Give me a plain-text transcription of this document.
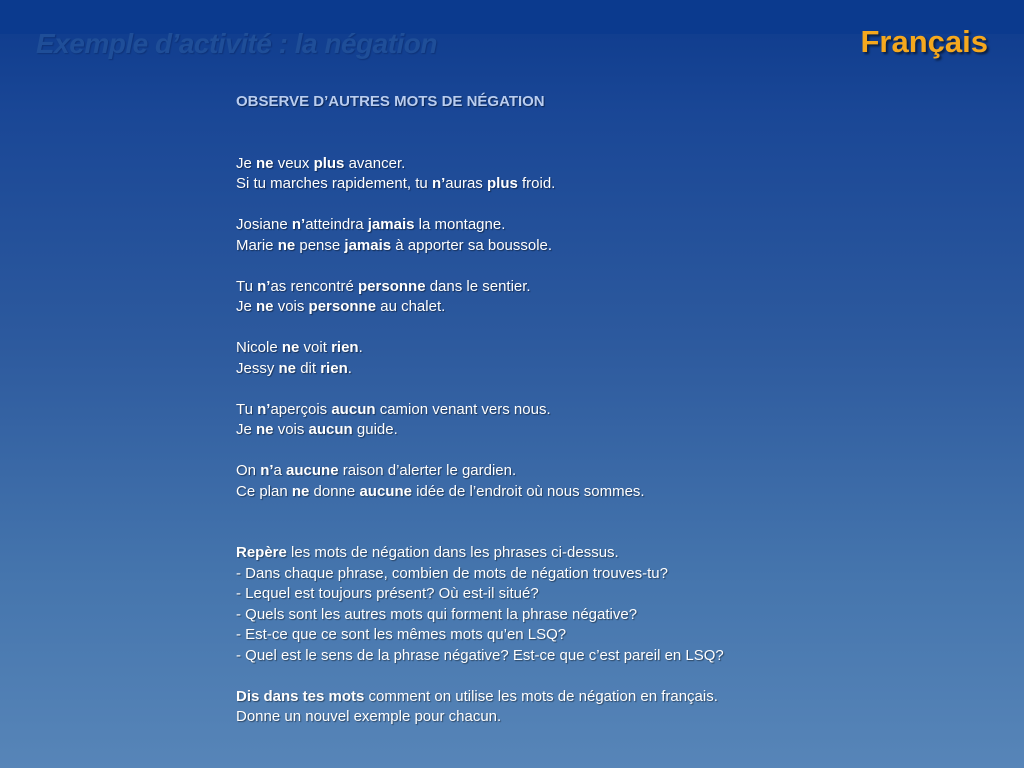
Exemple d’activité : la négation	Français
OBSERVE D’AUTRES MOTS DE NÉGATION
Je ne veux plus avancer.
Si tu marches rapidement, tu n’auras plus froid.
Josiane n’atteindra jamais la montagne.
Marie ne pense jamais à apporter sa boussole.
Tu n’as rencontré personne dans le sentier.
Je ne vois personne au chalet.
Nicole ne voit rien.
Jessy ne dit rien.
Tu n’aperçois aucun camion venant vers nous.
Je ne vois aucun guide.
On n’a aucune raison d’alerter le gardien.
Ce plan ne donne aucune idée de l’endroit où nous sommes.
Repère les mots de négation dans les phrases ci-dessus.
- Dans chaque phrase, combien de mots de négation trouves-tu?
- Lequel est toujours présent? Où est-il situé?
- Quels sont les autres mots qui forment la phrase négative?
- Est-ce que ce sont les mêmes mots qu’en LSQ?
- Quel est le sens de la phrase négative? Est-ce que c’est pareil en LSQ?
Dis dans tes mots comment on utilise les mots de négation en français.
Donne un nouvel exemple pour chacun.
